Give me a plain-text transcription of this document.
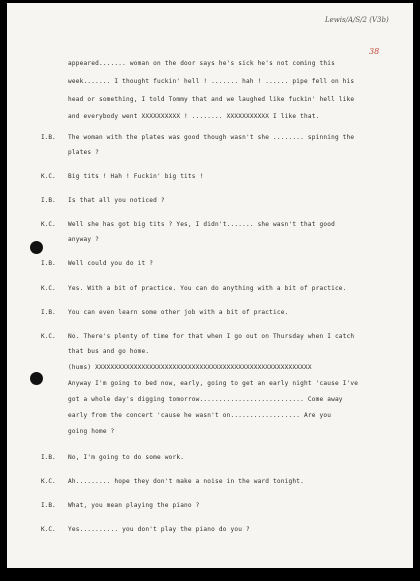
Lewis/A/S/2 (V3b)
38
appeared....... woman on the door says he's sick he's not coming this
week....... I thought fuckin' hell ! ....... hah ! ...... pipe fell on his
head or something, I told Tommy that and we laughed like fuckin' hell like
and everybody went XXXXXXXXXX ! ........ XXXXXXXXXXX I like that.
I.B. The woman with the plates was good though wasn't she ........ spinning the
plates ?
K.C. Big tits ! Hah ! Fuckin' big tits !
I.B. Is that all you noticed ?
K.C. Well she has got big tits ? Yes, I didn't....... she wasn't that good
anyway ?
I.B. Well could you do it ?
K.C. Yes. With a bit of practice. You can do anything with a bit of practice.
I.B. You can even learn some other job with a bit of practice.
K.C. No. There's plenty of time for that when I go out on Thursday when I catch
that bus and go home.
(hums) XXXXXXXXXXXXXXXXXXXXXXXXXXXXXXXXXXXXXXXXXXXXXXXXXXXXXXXX
Anyway I'm going to bed now, early, going to get an early night 'cause I've
got a whole day's digging tomorrow........................... Come away
early from the concert 'cause he wasn't on.................. Are you
going home ?
I.B. No, I'm going to do some work.
K.C. Ah......... hope they don't make a noise in the ward tonight.
I.B. What, you mean playing the piano ?
K.C. Yes.......... you don't play the piano do you ?
